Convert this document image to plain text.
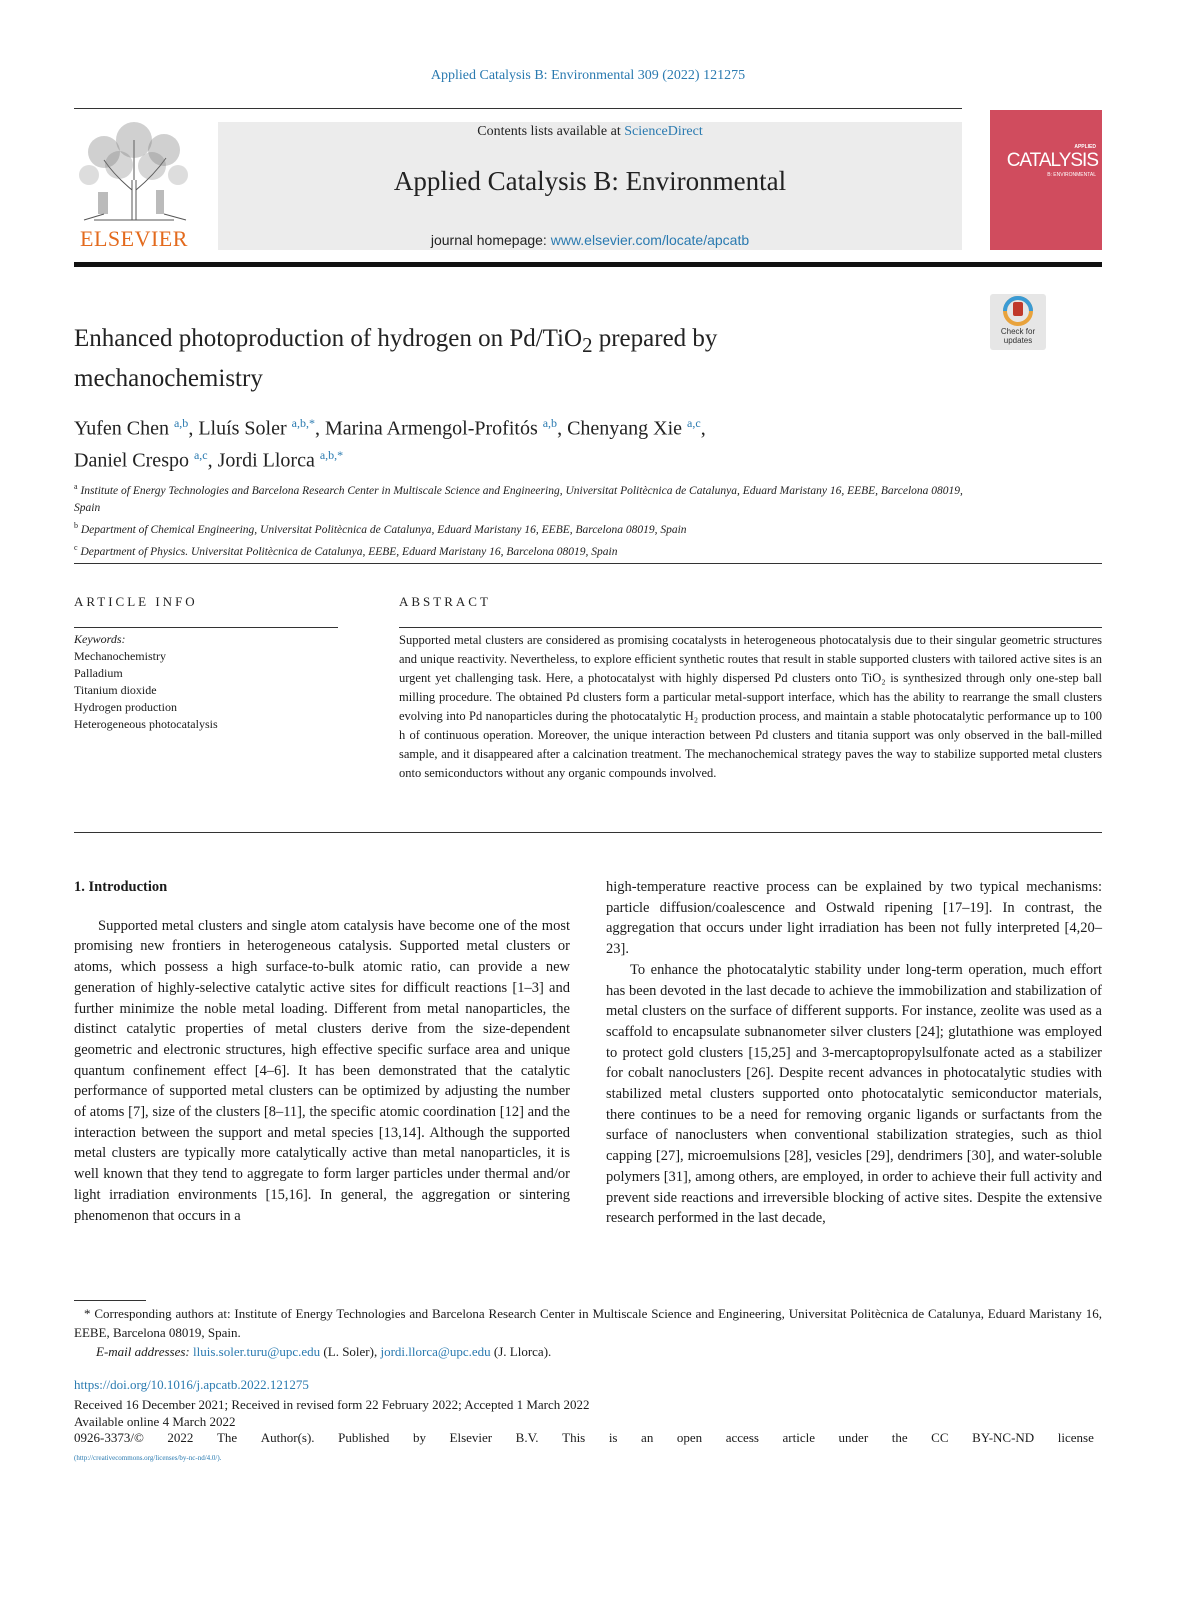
Applied Catalysis B: Environmental 309 (2022) 121275
ELSEVIER
Contents lists available at ScienceDirect
Applied Catalysis B: Environmental
journal homepage: www.elsevier.com/locate/apcatb
APPLIED
CATALYSIS
B: ENVIRONMENTAL
Check for updates
Enhanced photoproduction of hydrogen on Pd/TiO$_2$ prepared by mechanochemistry
Yufen Chen $^{a,b}$, Lluís Soler $^{a,b,*}$, Marina Armengol-Profitós $^{a,b}$, Chenyang Xie $^{a,c}$,
Daniel Crespo $^{a,c}$, Jordi Llorca $^{a,b,*}$
$^a$ Institute of Energy Technologies and Barcelona Research Center in Multiscale Science and Engineering, Universitat Politècnica de Catalunya, Eduard Maristany 16, EEBE, Barcelona 08019, Spain
$^b$ Department of Chemical Engineering, Universitat Politècnica de Catalunya, Eduard Maristany 16, EEBE, Barcelona 08019, Spain
$^c$ Department of Physics. Universitat Politècnica de Catalunya, EEBE, Eduard Maristany 16, Barcelona 08019, Spain
ARTICLE INFO	ABSTRACT
Keywords:
Mechanochemistry
Palladium
Titanium dioxide
Hydrogen production
Heterogeneous photocatalysis
Supported metal clusters are considered as promising cocatalysts in heterogeneous photocatalysis due to their singular geometric structures and unique reactivity. Nevertheless, to explore efficient synthetic routes that result in stable supported clusters with tailored active sites is an urgent yet challenging task. Here, a photocatalyst with highly dispersed Pd clusters onto TiO₂ is synthesized through only one-step ball milling procedure. The obtained Pd clusters form a particular metal-support interface, which has the ability to rearrange the small clusters evolving into Pd nanoparticles during the photocatalytic H₂ production process, and maintain a stable photocatalytic performance up to 100 h of continuous operation. Moreover, the unique interaction between Pd clusters and titania support was only observed in the ball-milled sample, and it disappeared after a calcination treatment. The mechanochemical strategy paves the way to stabilize supported metal clusters onto semiconductors without any organic compounds involved.
1. Introduction

Supported metal clusters and single atom catalysis have become one of the most promising new frontiers in heterogeneous catalysis. Supported metal clusters or atoms, which possess a high surface-to-bulk atomic ratio, can provide a new generation of highly-selective catalytic active sites for difficult reactions [1–3] and further minimize the noble metal loading. Different from metal nanoparticles, the distinct catalytic properties of metal clusters derive from the size-dependent geometric and electronic structures, high effective specific surface area and unique quantum confinement effect [4–6]. It has been demonstrated that the catalytic performance of supported metal clusters can be optimized by adjusting the number of atoms [7], size of the clusters [8–11], the specific atomic coordination [12] and the interaction between the support and metal species [13,14]. Although the supported metal clusters are typically more catalytically active than metal nanoparticles, it is well known that they tend to aggregate to form larger particles under thermal and/or light irradiation environments [15,16]. In general, the aggregation or sintering phenomenon that occurs in a

high-temperature reactive process can be explained by two typical mechanisms: particle diffusion/coalescence and Ostwald ripening [17–19]. In contrast, the aggregation that occurs under light irradiation has been not fully interpreted [4,20–23].

To enhance the photocatalytic stability under long-term operation, much effort has been devoted in the last decade to achieve the immobilization and stabilization of metal clusters on the surface of different supports. For instance, zeolite was used as a scaffold to encapsulate subnanometer silver clusters [24]; glutathione was employed to protect gold clusters [15,25] and 3-mercaptopropylsulfonate acted as a stabilizer for cobalt nanoclusters [26]. Despite recent advances in photocatalytic studies with stabilized metal clusters supported onto photocatalytic semiconductor materials, there continues to be a need for removing organic ligands or surfactants from the surface of nanoclusters when conventional stabilization strategies, such as thiol capping [27], microemulsions [28], vesicles [29], dendrimers [30], and water-soluble polymers [31], among others, are employed, in order to achieve their full activity and prevent side reactions and irreversible blocking of active sites. Despite the extensive research performed in the last decade,

* Corresponding authors at: Institute of Energy Technologies and Barcelona Research Center in Multiscale Science and Engineering, Universitat Politècnica de Catalunya, Eduard Maristany 16, EEBE, Barcelona 08019, Spain.
E-mail addresses: lluis.soler.turu@upc.edu (L. Soler), jordi.llorca@upc.edu (J. Llorca).
https://doi.org/10.1016/j.apcatb.2022.121275
Received 16 December 2021; Received in revised form 22 February 2022; Accepted 1 March 2022
Available online 4 March 2022
0926-3373/© 2022 The Author(s). Published by Elsevier B.V. This is an open access article under the CC BY-NC-ND license
(http://creativecommons.org/licenses/by-nc-nd/4.0/).
